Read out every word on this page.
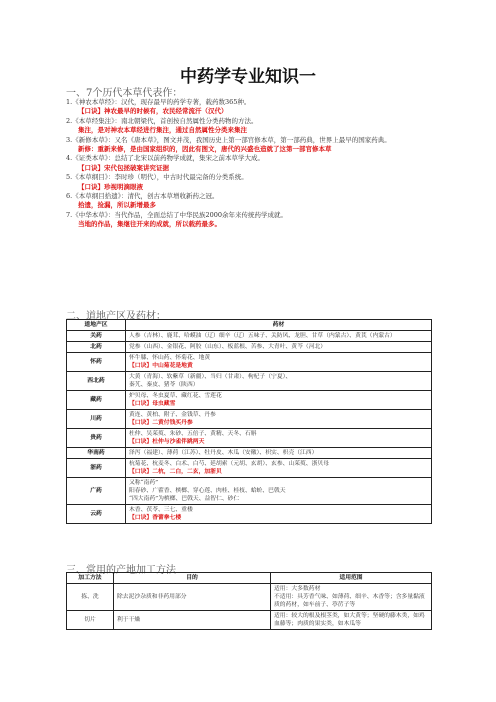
中药学专业知识一
一、7个历代本草代表作：
1.《神农本草经》：汉代，现存最早的药学专著，载药数365种。
【口诀】神农最早的时候有，农民经常流汗（汉代）
2.《本草经集注》：南北朝梁代，首创按自然属性分类药物的方法。
集注，是对神农本草经进行集注，通过自然属性分类来集注
3.《新修本草》：又名《唐本草》，图文并茂，我国历史上第一部官修本草，第一部药典，世界上最早的国家药典。
新修：重新来修，是由国家组织的，因此有图文，唐代的兴盛也造就了这第一部官修本草
4.《证类本草》：总结了北宋以前药物学成就，集宋之前本草学大成。
【口诀】宋代包拯破案讲究证据
5.《本草纲目》：李时珍（明代），中古时代最完备的分类系统。
【口诀】珍视明滴眼液
6.《本草纲目拾遗》：清代，创古本草增收新药之冠。
拾遗，捡漏，所以新增最多
7.《中华本草》：当代作品，全面总结了中华民族2000余年来传统药学成就。
当地的作品，集继往开来的成就，所以载药最多。
二、道地产区及药材：
道地产区	药材
关药	人参（吉林）、鹿茸、哈蟆油（辽）细辛（辽）五味子、关防风、龙胆、甘草（内蒙古）、黄芪（内蒙古）

北药	党参（山西）、金银花、阿胶（山东）、板蓝根、苦参、大青叶、黄芩（河北）

怀药	怀牛膝、怀山药、怀菊花、地黄
【口诀】中山菊花是地黄

西北药	大黄（青海）、软紫草（新疆）、当归（甘肃）、枸杞子（宁夏）、
秦艽、秦皮、猪苓（陕西）

藏药	炉贝母、冬虫夏草、藏红花、雪莲花
【口诀】母虫藏雪

川药	黄连、黄柏、附子、金钱草、丹参
【口诀】二黄付钱买丹参

贵药	杜仲、吴茱萸、朱砂、五倍子、黄精、天冬、石斛
【口诀】杜仲与沙雀伴跳两天

华南药	泽泻（福建）、薄荷（江苏）、牡丹皮、木瓜（安徽）、枳实、枳壳（江西）

浙药	杭菊花、杭麦冬、白术、白芍、延胡索（元胡、玄胡）、玄参、山茱萸、浙贝母
【口诀】二杭，二白，二玄，加浙贝

广药	又称“南药”
阳春砂、广藿香、槟榔、穿心莲、肉桂、桂枝、蛤蚧、巴戟天
“四大南药”为槟榔、巴戟天、益智仁、砂仁

云药	木香、茯苓、三七、重楼
【口诀】香蕾拳七楼
三、常用的产地加工方法
加工方法	目的	适用范围
拣、洗	除去泥沙杂质和非药用部分	适用：大多数药材
不适用：具芳香气味、如薄荷、细辛、木香等；含多量黏液质的药材，如车前子、葶苈子等

切片	利于干燥	适用：较大的根及根茎类，如大黄等；坚硬的藤木类，如鸡血藤等；肉质的果实类，如木瓜等
